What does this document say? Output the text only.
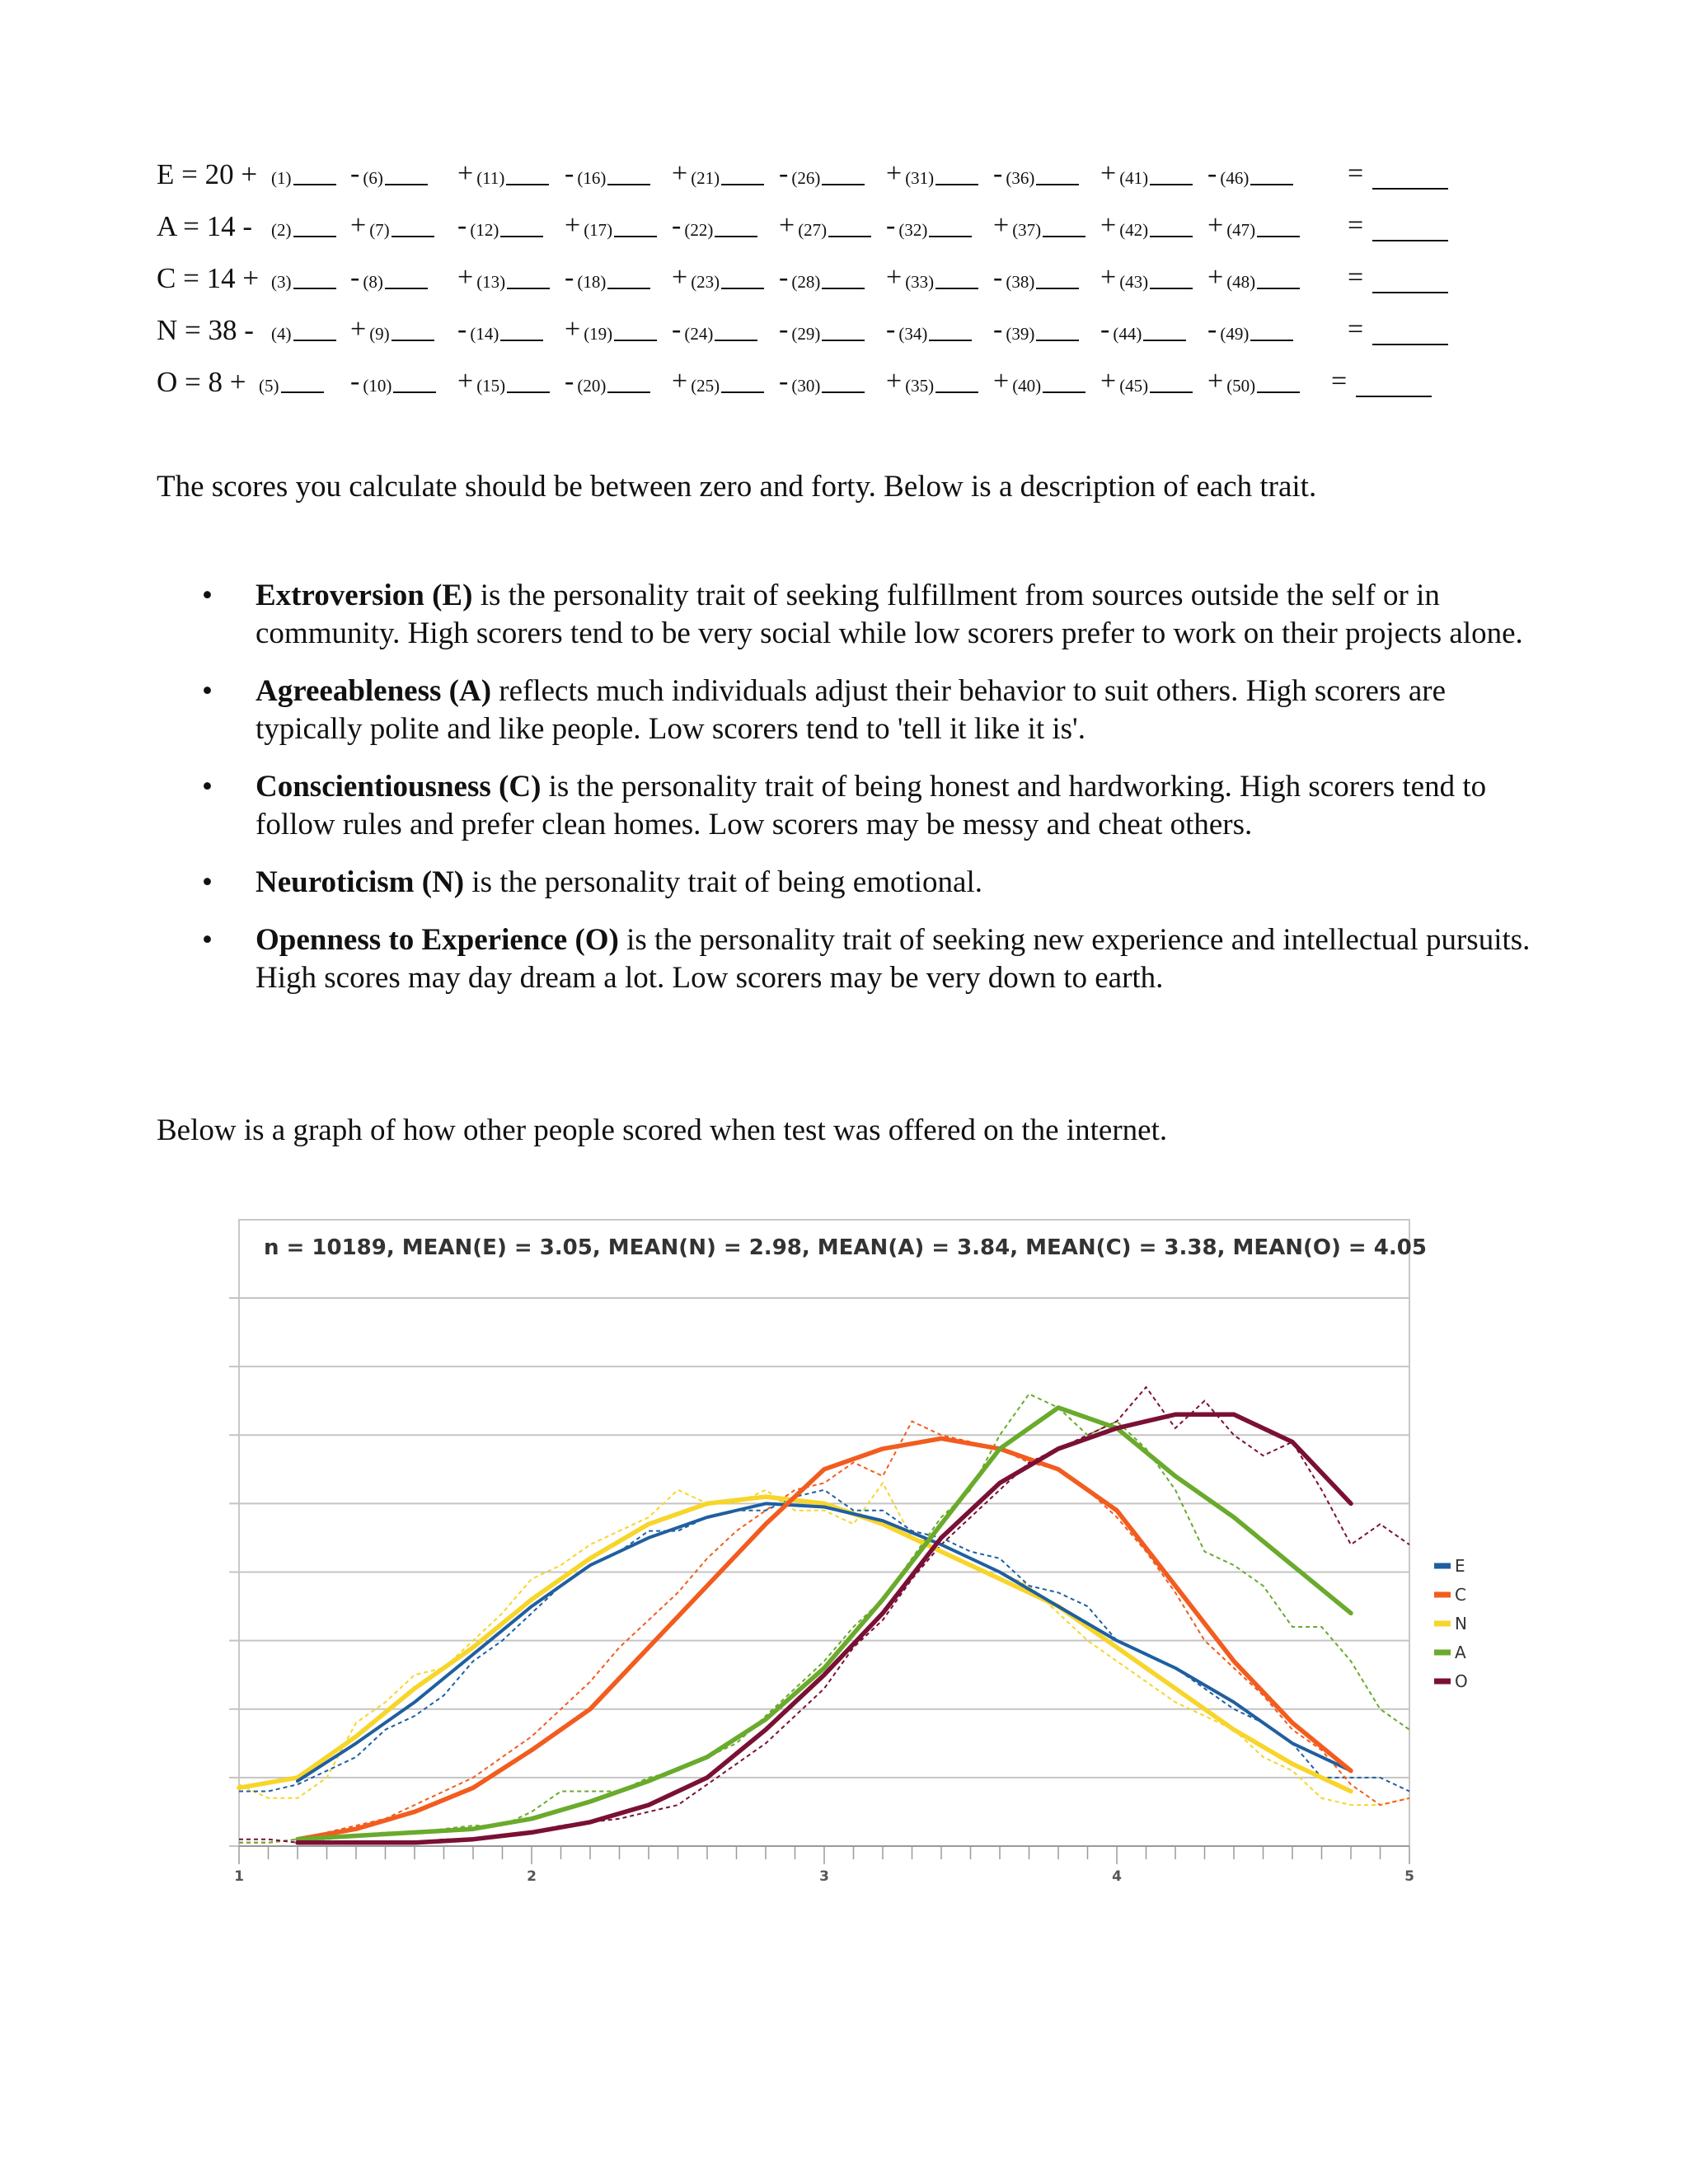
E = 20 + (1)	- (6)	+ (11)	- (16)	+ (21)	- (26)	+ (31)	- (36)	+ (41)	- (46)	=
A = 14 - (2)	+ (7)	- (12)	+ (17)	- (22)	+ (27)	- (32)	+ (37)	+ (42)	+ (47)	=
C = 14 + (3)	- (8)	+ (13)	- (18)	+ (23)	- (28)	+ (33)	- (38)	+ (43)	+ (48)	=
N = 38 - (4)	+ (9)	- (14)	+ (19)	- (24)	- (29)	- (34)	- (39)	- (44)	- (49)	=
O = 8 + (5)	- (10)	+ (15)	- (20)	+ (25)	- (30)	+ (35)	+ (40)	+ (45)	+ (50)	=

The scores you calculate should be between zero and forty. Below is a description of each trait.

• Extroversion (E) is the personality trait of seeking fulfillment from sources outside the self or in community. High scorers tend to be very social while low scorers prefer to work on their projects alone.
• Agreeableness (A) reflects much individuals adjust their behavior to suit others. High scorers are typically polite and like people. Low scorers tend to 'tell it like it is'.
• Conscientiousness (C) is the personality trait of being honest and hardworking. High scorers tend to follow rules and prefer clean homes. Low scorers may be messy and cheat others.
• Neuroticism (N) is the personality trait of being emotional.
• Openness to Experience (O) is the personality trait of seeking new experience and intellectual pursuits. High scores may day dream a lot. Low scorers may be very down to earth.

Below is a graph of how other people scored when test was offered on the internet.

1	2	3	4	5
n = 10189, MEAN(E) = 3.05, MEAN(N) = 2.98, MEAN(A) = 3.84, MEAN(C) = 3.38, MEAN(O) = 4.05
E
C
N
A
O
